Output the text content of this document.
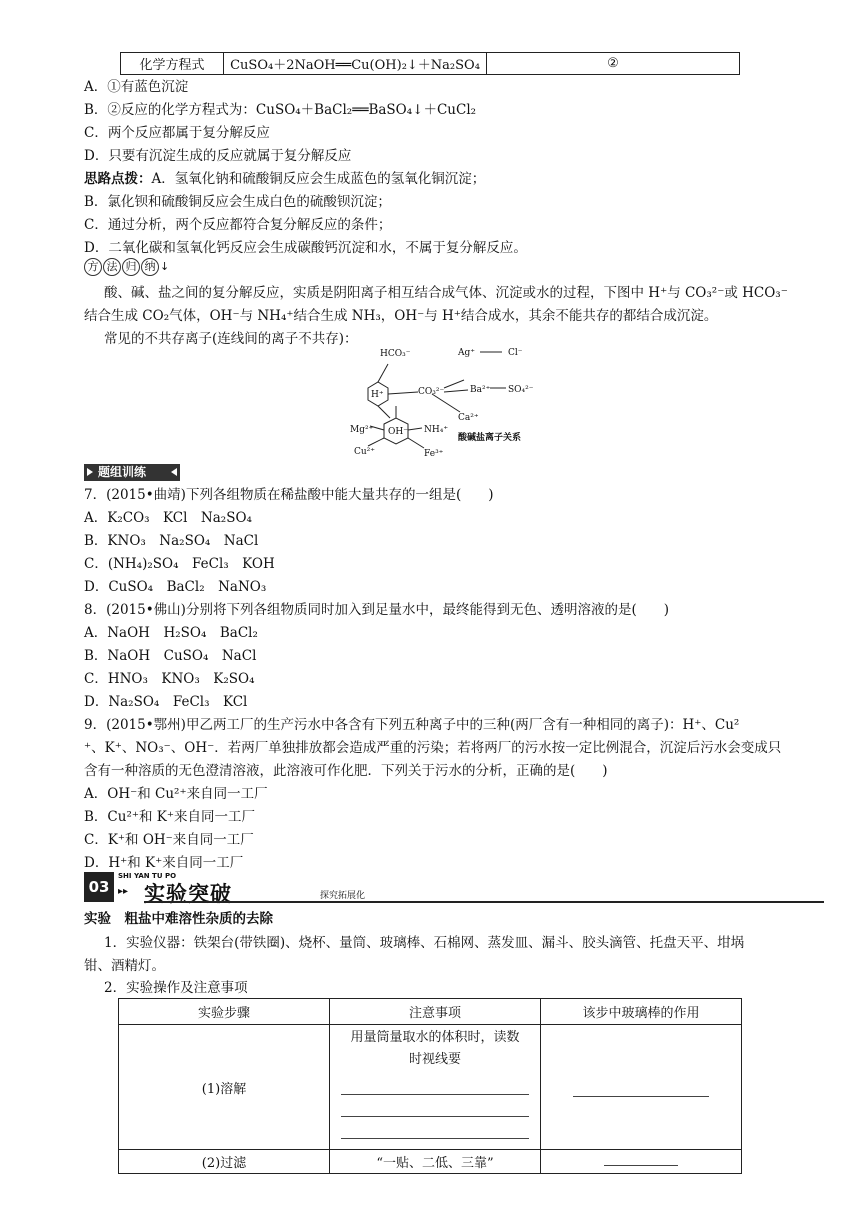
化学方程式	CuSO₄＋2NaOH══Cu(OH)₂↓＋Na₂SO₄	②
A．①有蓝色沉淀
B．②反应的化学方程式为：CuSO₄＋BaCl₂══BaSO₄↓＋CuCl₂
C．两个反应都属于复分解反应
D．只要有沉淀生成的反应就属于复分解反应
思路点拨：A．氢氧化钠和硫酸铜反应会生成蓝色的氢氧化铜沉淀；
B．氯化钡和硫酸铜反应会生成白色的硫酸钡沉淀；
C．通过分析，两个反应都符合复分解反应的条件；
D．二氧化碳和氢氧化钙反应会生成碳酸钙沉淀和水，不属于复分解反应。
方 法 归 纳 ↓
酸、碱、盐之间的复分解反应，实质是阴阳离子相互结合成气体、沉淀或水的过程，下图中 H⁺与 CO₃²⁻或 HCO₃⁻
结合生成 CO₂气体，OH⁻与 NH₄⁺结合生成 NH₃，OH⁻与 H⁺结合成水，其余不能共存的都结合成沉淀。
常见的不共存离子(连线间的离子不共存)：
HCO₃⁻	Ag⁺	Cl⁻
H⁺	CO₃²⁻	Ba²⁺ SO₄²⁻
Ca²⁺
Mg²⁺ OH⁻ NH₄⁺
Cu²⁺	Fe³⁺
酸碱盐离子关系
题组训练
7．(2015•曲靖)下列各组物质在稀盐酸中能大量共存的一组是(　　)
A．K₂CO₃　KCl　Na₂SO₄
B．KNO₃　Na₂SO₄　NaCl
C．(NH₄)₂SO₄　FeCl₃　KOH
D．CuSO₄　BaCl₂　NaNO₃
8．(2015•佛山)分别将下列各组物质同时加入到足量水中，最终能得到无色、透明溶液的是(　　)
A．NaOH　H₂SO₄　BaCl₂
B．NaOH　CuSO₄　NaCl
C．HNO₃　KNO₃　K₂SO₄
D．Na₂SO₄　FeCl₃　KCl
9．(2015•鄂州)甲乙两工厂的生产污水中各含有下列五种离子中的三种(两厂含有一种相同的离子)：H⁺、Cu²
⁺、K⁺、NO₃⁻、OH⁻．若两厂单独排放都会造成严重的污染；若将两厂的污水按一定比例混合，沉淀后污水会变成只
含有一种溶质的无色澄清溶液，此溶液可作化肥．下列关于污水的分析，正确的是(　　)
A．OH⁻和 Cu²⁺来自同一工厂
B．Cu²⁺和 K⁺来自同一工厂
C．K⁺和 OH⁻来自同一工厂
D．H⁺和 K⁺来自同一工厂
03
SHI YAN TU PO
▸▸ 实验突破	探究拓展化
实验　粗盐中难溶性杂质的去除
1．实验仪器：铁架台(带铁圈)、烧杯、量筒、玻璃棒、石棉网、蒸发皿、漏斗、胶头滴管、托盘天平、坩埚
钳、酒精灯。
2．实验操作及注意事项
实验步骤	注意事项	该步中玻璃棒的作用
(1)溶解	用量筒量取水的体积时，读数
时视线要	

(2)过滤	“一贴、二低、三靠”	
